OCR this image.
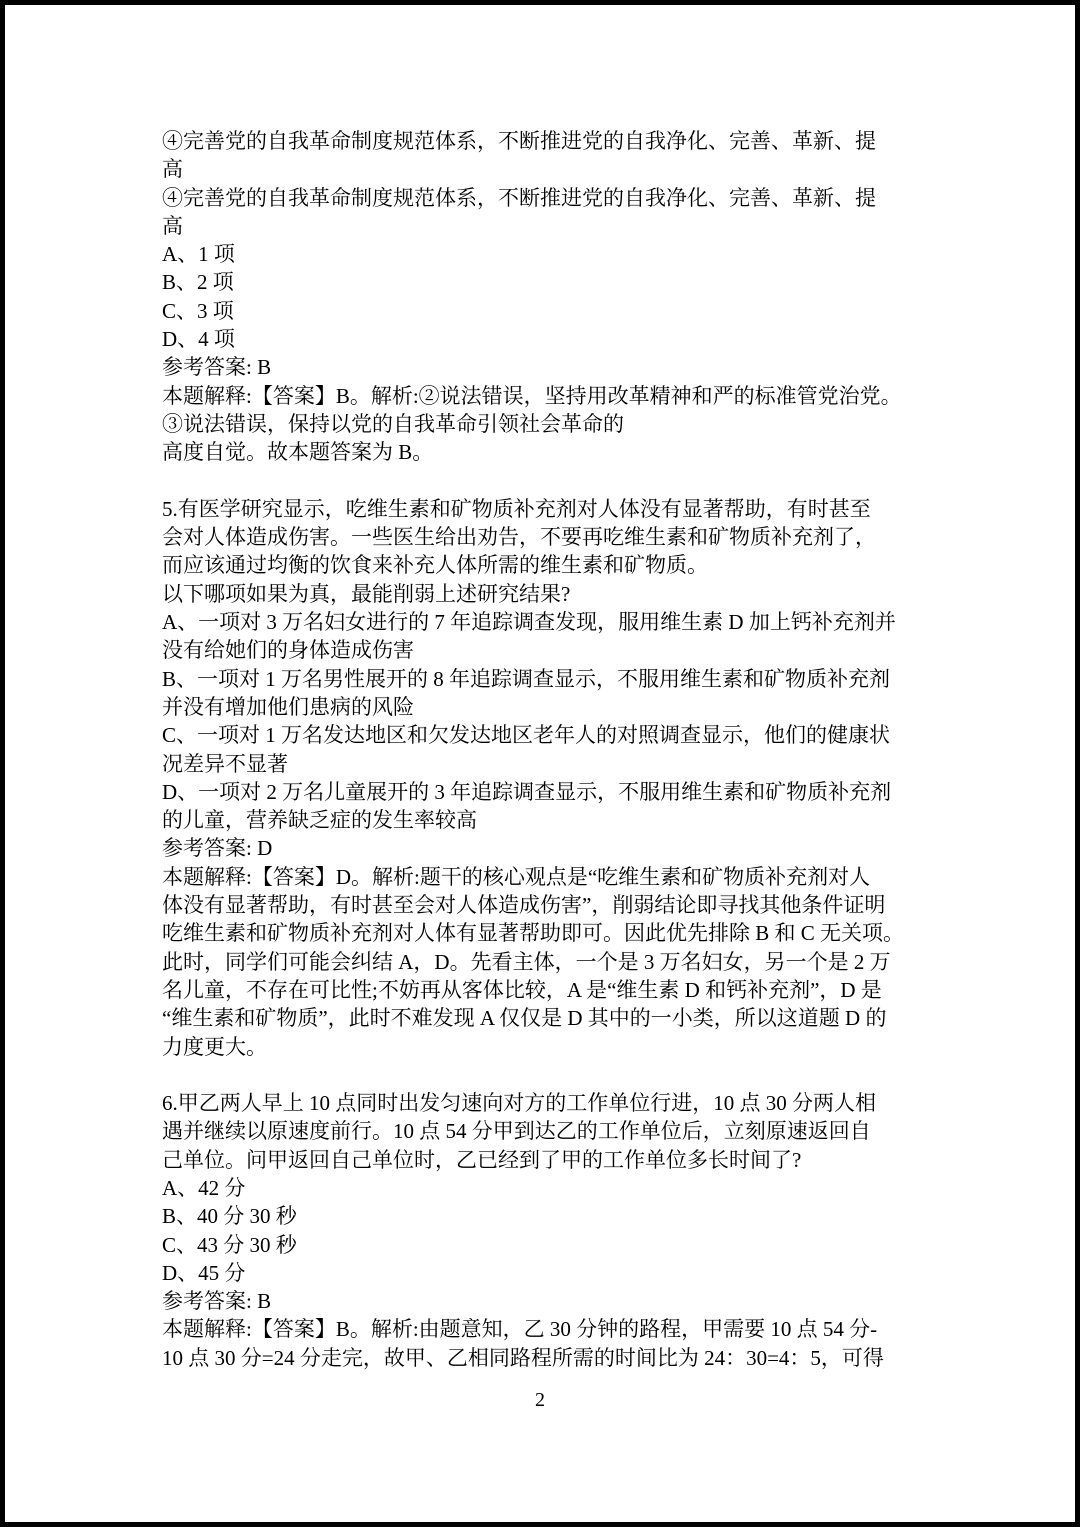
④完善党的自我革命制度规范体系，不断推进党的自我净化、完善、革新、提
高
④完善党的自我革命制度规范体系，不断推进党的自我净化、完善、革新、提
高
A、1 项
B、2 项
C、3 项
D、4 项
参考答案: B
本题解释:【答案】B。解析:②说法错误，坚持用改革精神和严的标准管党治党。
③说法错误，保持以党的自我革命引领社会革命的
高度自觉。故本题答案为 B。
5.有医学研究显示，吃维生素和矿物质补充剂对人体没有显著帮助，有时甚至
会对人体造成伤害。一些医生给出劝告，不要再吃维生素和矿物质补充剂了，
而应该通过均衡的饮食来补充人体所需的维生素和矿物质。
以下哪项如果为真，最能削弱上述研究结果?
A、一项对 3 万名妇女进行的 7 年追踪调查发现，服用维生素 D 加上钙补充剂并
没有给她们的身体造成伤害
B、一项对 1 万名男性展开的 8 年追踪调查显示，不服用维生素和矿物质补充剂
并没有增加他们患病的风险
C、一项对 1 万名发达地区和欠发达地区老年人的对照调查显示，他们的健康状
况差异不显著
D、一项对 2 万名儿童展开的 3 年追踪调查显示，不服用维生素和矿物质补充剂
的儿童，营养缺乏症的发生率较高
参考答案: D
本题解释:【答案】D。解析:题干的核心观点是“吃维生素和矿物质补充剂对人
体没有显著帮助，有时甚至会对人体造成伤害”，削弱结论即寻找其他条件证明
吃维生素和矿物质补充剂对人体有显著帮助即可。因此优先排除 B 和 C 无关项。
此时，同学们可能会纠结 A，D。先看主体，一个是 3 万名妇女，另一个是 2 万
名儿童，不存在可比性;不妨再从客体比较，A 是“维生素 D 和钙补充剂”，D 是
“维生素和矿物质”，此时不难发现 A 仅仅是 D 其中的一小类，所以这道题 D 的
力度更大。
6.甲乙两人早上 10 点同时出发匀速向对方的工作单位行进，10 点 30 分两人相
遇并继续以原速度前行。10 点 54 分甲到达乙的工作单位后，立刻原速返回自
己单位。问甲返回自己单位时，乙已经到了甲的工作单位多长时间了?
A、42 分
B、40 分 30 秒
C、43 分 30 秒
D、45 分
参考答案: B
本题解释:【答案】B。解析:由题意知，乙 30 分钟的路程，甲需要 10 点 54 分-
10 点 30 分=24 分走完，故甲、乙相同路程所需的时间比为 24：30=4：5，可得
2
